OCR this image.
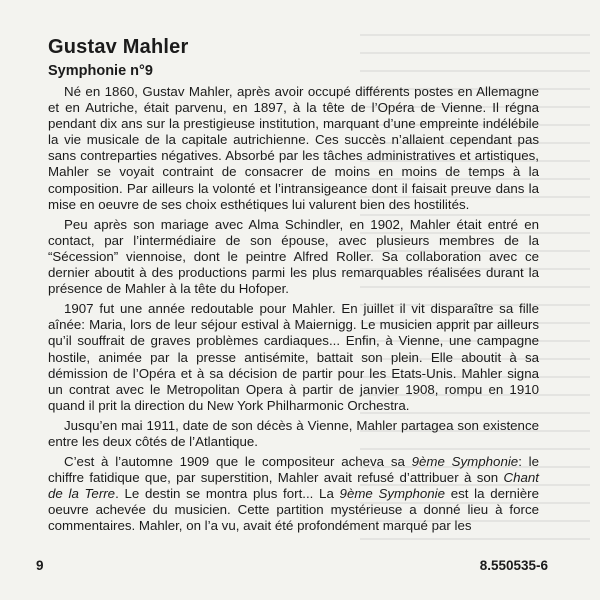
Gustav Mahler
Symphonie n°9

Né en 1860, Gustav Mahler, après avoir occupé différents postes en Allemagne et en Autriche, était parvenu, en 1897, à la tête de l’Opéra de Vienne. Il régna pendant dix ans sur la prestigieuse institution, marquant d’une empreinte indélébile la vie musicale de la capitale autrichienne. Ces succès n’allaient cependant pas sans contreparties négatives. Absorbé par les tâches administratives et artistiques, Mahler se voyait contraint de consacrer de moins en moins de temps à la composition. Par ailleurs la volonté et l’intransigeance dont il faisait preuve dans la mise en oeuvre de ses choix esthétiques lui valurent bien des hostilités.

Peu après son mariage avec Alma Schindler, en 1902, Mahler était entré en contact, par l’intermédiaire de son épouse, avec plusieurs membres de la “Sécession” viennoise, dont le peintre Alfred Roller. Sa collaboration avec ce dernier aboutit à des productions parmi les plus remarquables réalisées durant la présence de Mahler à la tête du Hofoper.

1907 fut une année redoutable pour Mahler. En juillet il vit disparaître sa fille aînée: Maria, lors de leur séjour estival à Maiernigg. Le musicien apprit par ailleurs qu’il souffrait de graves problèmes cardiaques... Enfin, à Vienne, une campagne hostile, animée par la presse antisémite, battait son plein. Elle aboutit à sa démission de l’Opéra et à sa décision de partir pour les Etats-Unis. Mahler signa un contrat avec le Metropolitan Opera à partir de janvier 1908, rompu en 1910 quand il prit la direction du New York Philharmonic Orchestra.

Jusqu’en mai 1911, date de son décès à Vienne, Mahler partagea son existence entre les deux côtés de l’Atlantique.

C’est à l’automne 1909 que le compositeur acheva sa 9ème Symphonie: le chiffre fatidique que, par superstition, Mahler avait refusé d’attribuer à son Chant de la Terre. Le destin se montra plus fort... La 9ème Symphonie est la dernière oeuvre achevée du musicien. Cette partition mystérieuse a donné lieu à force commentaires. Mahler, on l’a vu, avait été profondément marqué par les

9	8.550535-6
